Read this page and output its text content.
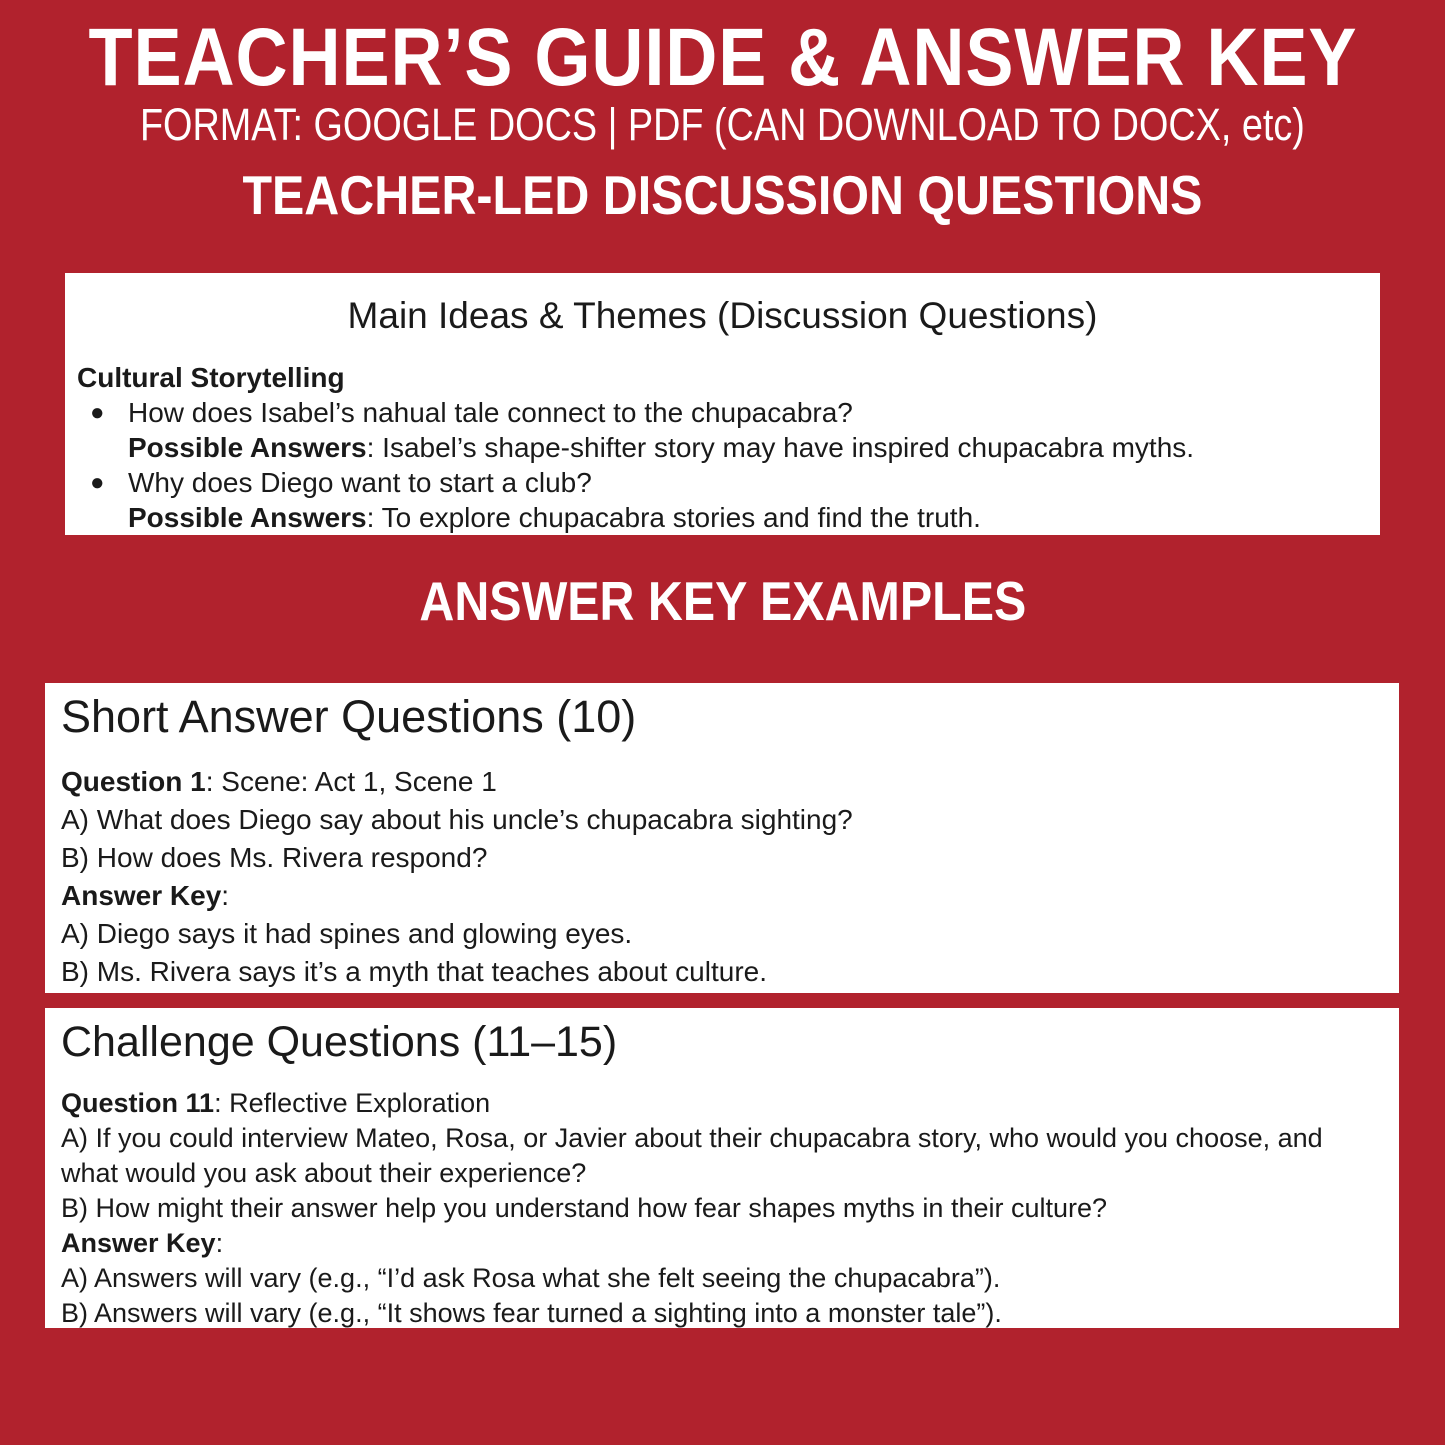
TEACHER’S GUIDE & ANSWER KEY
FORMAT: GOOGLE DOCS | PDF (CAN DOWNLOAD TO DOCX, etc)
TEACHER-LED DISCUSSION QUESTIONS

Main Ideas & Themes (Discussion Questions)

Cultural Storytelling

● How does Isabel’s nahual tale connect to the chupacabra?

Possible Answers: Isabel’s shape-shifter story may have inspired chupacabra myths.

● Why does Diego want to start a club?

Possible Answers: To explore chupacabra stories and find the truth.

ANSWER KEY EXAMPLES

Short Answer Questions (10)

Question 1: Scene: Act 1, Scene 1

A) What does Diego say about his uncle’s chupacabra sighting?

B) How does Ms. Rivera respond?

Answer Key:

A) Diego says it had spines and glowing eyes.

B) Ms. Rivera says it’s a myth that teaches about culture.

Challenge Questions (11–15)

Question 11: Reflective Exploration

A) If you could interview Mateo, Rosa, or Javier about their chupacabra story, who would you choose, and what would you ask about their experience?

B) How might their answer help you understand how fear shapes myths in their culture?

Answer Key:

A) Answers will vary (e.g., “I’d ask Rosa what she felt seeing the chupacabra”).

B) Answers will vary (e.g., “It shows fear turned a sighting into a monster tale”).
